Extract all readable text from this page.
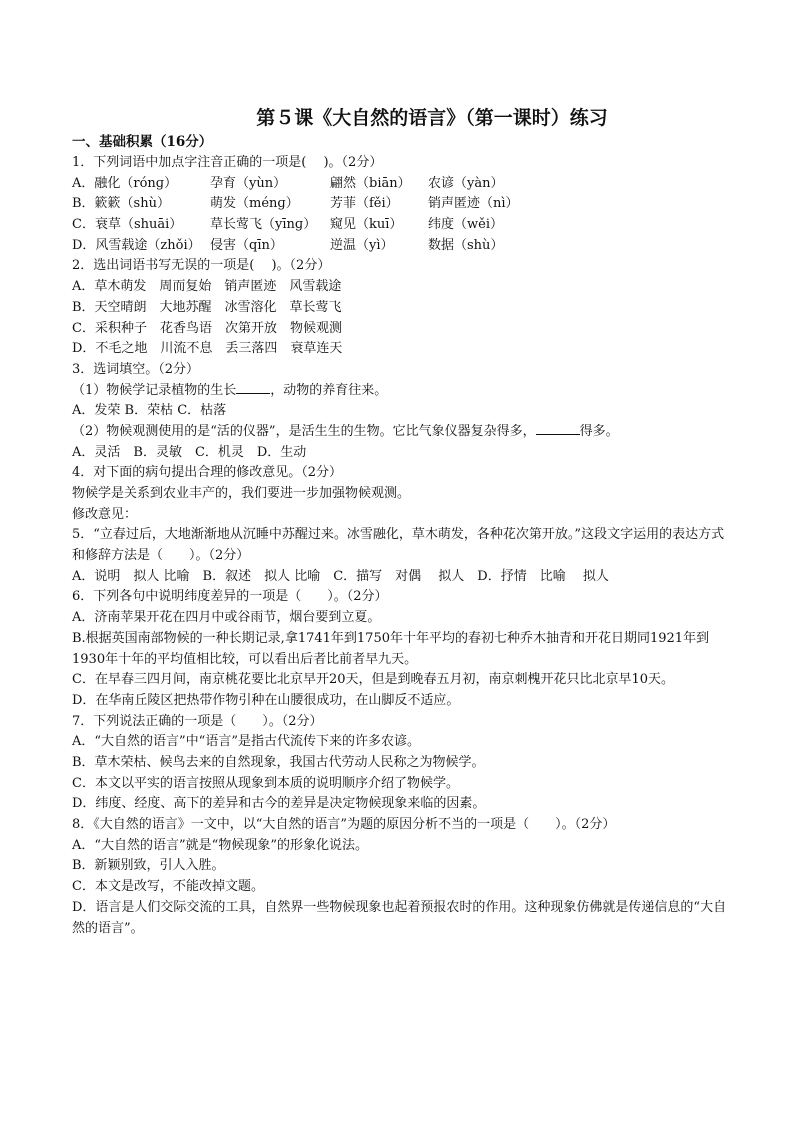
第５课《大自然的语言》（第一课时）练习
一、基础积累（16分）
1．下列词语中加点字注音正确的一项是(　 )。（2分）
A．融化（rónɡ）	孕育（yùn）	翩然（biān）	农谚（yàn）
B．簌簌（shù）	萌发（ménɡ）	芳菲（fěi）	销声匿迹（nì）
C．衰草（shuāi）	草长莺飞（yīnɡ）	窥见（kuī）	纬度（wěi）
D．风雪载途（zhǒi） 侵害（qīn）	逆温（yì）	数据（shù）
2．选出词语书写无误的一项是(　 )。（2分）
A．草木萌发　周而复始　销声匿迹　风雪载途
B．天空晴朗　大地苏醒　冰雪溶化　草长莺飞
C．采积种子　花香鸟语　次第开放　物候观测
D．不毛之地　川流不息　丢三落四　衰草连天
3．选词填空。（2分）
（1）物候学记录植物的生长	，动物的养育往来。
A．发荣 B．荣枯 C．枯落
（2）物候观测使用的是“活的仪器”，是活生生的生物。它比气象仪器复杂得多，	得多。
A．灵活　B．灵敏　C．机灵　D．生动
4．对下面的病句提出合理的修改意见。（2分）
物候学是关系到农业丰产的，我们要进一步加强物候观测。
修改意见：
5．“立春过后，大地渐渐地从沉睡中苏醒过来。冰雪融化，草木萌发，各种花次第开放。”这段文字运用的表达方式和修辞方法是（　　）。（2分）
A．说明　拟人 比喻　B．叙述　拟人 比喻　C．描写　对偶　 拟人　D．抒情　比喻　 拟人
6．下列各句中说明纬度差异的一项是（　　）。（2分）
A．济南苹果开花在四月中或谷雨节，烟台要到立夏。
B.根据英国南部物候的一种长期记录,拿1741年到1750年十年平均的春初七种乔木抽青和开花日期同1921年到1930年十年的平均值相比较，可以看出后者比前者早九天。
C．在早春三四月间，南京桃花要比北京早开20天，但是到晚春五月初，南京刺槐开花只比北京早10天。
D．在华南丘陵区把热带作物引种在山腰很成功，在山脚反不适应。
7．下列说法正确的一项是（　　）。（2分）
A．“大自然的语言”中“语言”是指古代流传下来的许多农谚。
B．草木荣枯、候鸟去来的自然现象，我国古代劳动人民称之为物候学。
C．本文以平实的语言按照从现象到本质的说明顺序介绍了物候学。
D．纬度、经度、高下的差异和古今的差异是决定物候现象来临的因素。
8．《大自然的语言》一文中，以“大自然的语言”为题的原因分析不当的一项是（　　）。（2分）
A．“大自然的语言”就是“物候现象”的形象化说法。
B．新颖别致，引人入胜。
C．本文是改写，不能改掉文题。
D．语言是人们交际交流的工具，自然界一些物候现象也起着预报农时的作用。这种现象仿佛就是传递信息的“大自然的语言”。
